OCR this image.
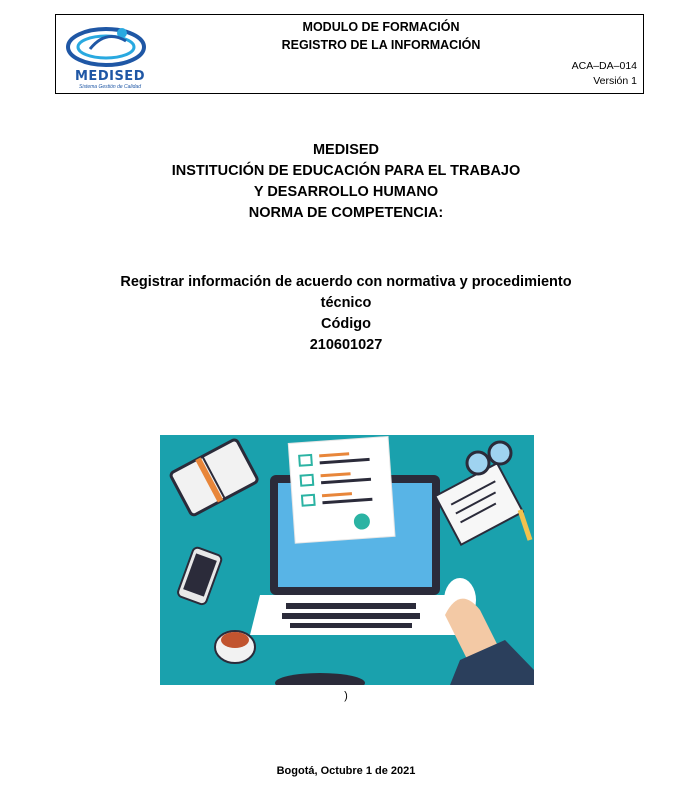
MEDISED
Sistema Gestión de Calidad
MODULO DE FORMACIÓN
REGISTRO DE LA INFORMACIÓN
ACA–DA–014
Versión 1
MEDISED
INSTITUCIÓN DE EDUCACIÓN PARA EL TRABAJO
Y DESARROLLO HUMANO
NORMA DE COMPETENCIA:
Registrar información de acuerdo con normativa y procedimiento
técnico
Código
210601027
)
Bogotá, Octubre 1 de 2021
